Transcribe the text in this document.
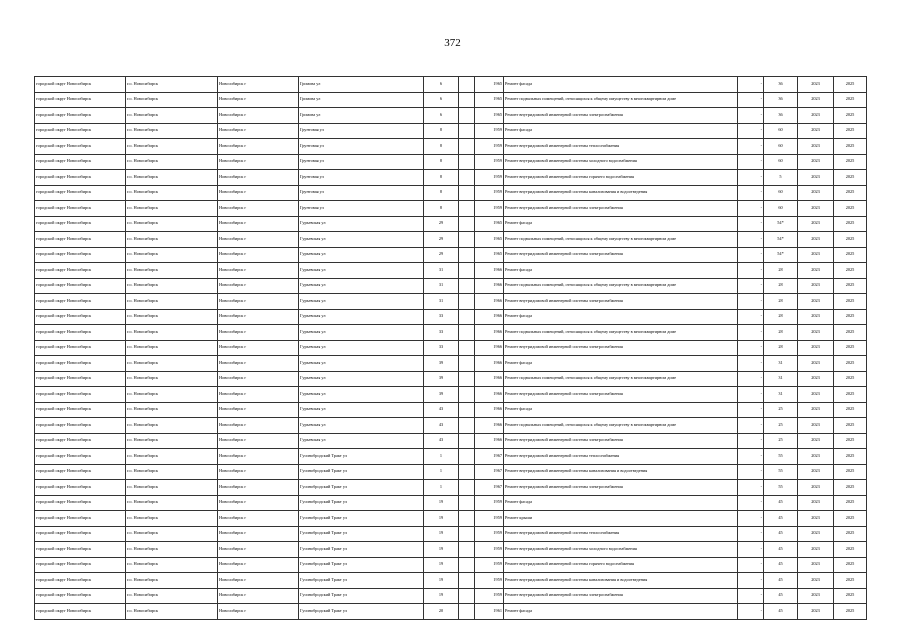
372
городской округ Новосибирск	г.о. Новосибирск	Новосибирск г	Громова ул	6		1965	Ремонт фасада	-	36	2023	2025
городской округ Новосибирск	г.о. Новосибирск	Новосибирск г	Громова ул	6		1965	Ремонт подвальных помещений, относящихся к общему имуществу в многоквартирном доме	-	36	2023	2025
городской округ Новосибирск	г.о. Новосибирск	Новосибирск г	Громова ул	6		1965	Ремонт внутридомовой инженерной системы электроснабжения	-	36	2023	2025
городской округ Новосибирск	г.о. Новосибирск	Новосибирск г	Грунтовая ул	8		1959	Ремонт фасада	-	60	2023	2025
городской округ Новосибирск	г.о. Новосибирск	Новосибирск г	Грунтовая ул	8		1959	Ремонт внутридомовой инженерной системы теплоснабжения	-	60	2023	2025
городской округ Новосибирск	г.о. Новосибирск	Новосибирск г	Грунтовая ул	8		1959	Ремонт внутридомовой инженерной системы холодного водоснабжения	-	60	2023	2025
городской округ Новосибирск	г.о. Новосибирск	Новосибирск г	Грунтовая ул	8		1959	Ремонт внутридомовой инженерной системы горячего водоснабжения	-	5	2023	2025
городской округ Новосибирск	г.о. Новосибирск	Новосибирск г	Грунтовая ул	8		1959	Ремонт внутридомовой инженерной системы канализования и водоотведения	-	60	2023	2025
городской округ Новосибирск	г.о. Новосибирск	Новосибирск г	Грунтовая ул	8		1959	Ремонт внутридомовой инженерной системы электроснабжения	-	60	2023	2025
городской округ Новосибирск	г.о. Новосибирск	Новосибирск г	Гурьевская ул	29		1965	Ремонт фасада	-	54*	2023	2025
городской округ Новосибирск	г.о. Новосибирск	Новосибирск г	Гурьевская ул	29		1965	Ремонт подвальных помещений, относящихся к общему имуществу в многоквартирном доме	-	54*	2023	2025
городской округ Новосибирск	г.о. Новосибирск	Новосибирск г	Гурьевская ул	29		1965	Ремонт внутридомовой инженерной системы электроснабжения	-	54*	2023	2025
городской округ Новосибирск	г.о. Новосибирск	Новосибирск г	Гурьевская ул	31		1966	Ремонт фасада	-	28	2023	2025
городской округ Новосибирск	г.о. Новосибирск	Новосибирск г	Гурьевская ул	31		1966	Ремонт подвальных помещений, относящихся к общему имуществу в многоквартирном доме	-	28	2023	2025
городской округ Новосибирск	г.о. Новосибирск	Новосибирск г	Гурьевская ул	31		1966	Ремонт внутридомовой инженерной системы электроснабжения	-	28	2023	2025
городской округ Новосибирск	г.о. Новосибирск	Новосибирск г	Гурьевская ул	33		1966	Ремонт фасада	-	28	2023	2025
городской округ Новосибирск	г.о. Новосибирск	Новосибирск г	Гурьевская ул	33		1966	Ремонт подвальных помещений, относящихся к общему имуществу в многоквартирном доме	-	28	2023	2025
городской округ Новосибирск	г.о. Новосибирск	Новосибирск г	Гурьевская ул	33		1966	Ремонт внутридомовой инженерной системы электроснабжения	-	28	2023	2025
городской округ Новосибирск	г.о. Новосибирск	Новосибирск г	Гурьевская ул	39		1966	Ремонт фасада	-	31	2023	2025
городской округ Новосибирск	г.о. Новосибирск	Новосибирск г	Гурьевская ул	39		1966	Ремонт подвальных помещений, относящихся к общему имуществу в многоквартирном доме	-	31	2023	2025
городской округ Новосибирск	г.о. Новосибирск	Новосибирск г	Гурьевская ул	39		1966	Ремонт внутридомовой инженерной системы электроснабжения	-	31	2023	2025
городской округ Новосибирск	г.о. Новосибирск	Новосибирск г	Гурьевская ул	43		1966	Ремонт фасада	-	25	2023	2025
городской округ Новосибирск	г.о. Новосибирск	Новосибирск г	Гурьевская ул	43		1966	Ремонт подвальных помещений, относящихся к общему имуществу в многоквартирном доме	-	25	2023	2025
городской округ Новосибирск	г.о. Новосибирск	Новосибирск г	Гурьевская ул	43		1966	Ремонт внутридомовой инженерной системы электроснабжения	-	25	2023	2025
городской округ Новосибирск	г.о. Новосибирск	Новосибирск г	Гусинобродский Тракт ул	1		1967	Ремонт внутридомовой инженерной системы теплоснабжения	-	55	2023	2025
городской округ Новосибирск	г.о. Новосибирск	Новосибирск г	Гусинобродский Тракт ул	1		1967	Ремонт внутридомовой инженерной системы канализования и водоотведения	-	55	2023	2025
городской округ Новосибирск	г.о. Новосибирск	Новосибирск г	Гусинобродский Тракт ул	1		1967	Ремонт внутридомовой инженерной системы электроснабжения	-	55	2023	2025
городской округ Новосибирск	г.о. Новосибирск	Новосибирск г	Гусинобродский Тракт ул	19		1959	Ремонт фасада	-	45	2023	2025
городской округ Новосибирск	г.о. Новосибирск	Новосибирск г	Гусинобродский Тракт ул	19		1959	Ремонт крыши	-	45	2023	2025
городской округ Новосибирск	г.о. Новосибирск	Новосибирск г	Гусинобродский Тракт ул	19		1959	Ремонт внутридомовой инженерной системы теплоснабжения	-	45	2023	2025
городской округ Новосибирск	г.о. Новосибирск	Новосибирск г	Гусинобродский Тракт ул	19		1959	Ремонт внутридомовой инженерной системы холодного водоснабжения	-	45	2023	2025
городской округ Новосибирск	г.о. Новосибирск	Новосибирск г	Гусинобродский Тракт ул	19		1959	Ремонт внутридомовой инженерной системы горячего водоснабжения	-	45	2023	2025
городской округ Новосибирск	г.о. Новосибирск	Новосибирск г	Гусинобродский Тракт ул	19		1959	Ремонт внутридомовой инженерной системы канализования и водоотведения	-	45	2023	2025
городской округ Новосибирск	г.о. Новосибирск	Новосибирск г	Гусинобродский Тракт ул	19		1959	Ремонт внутридомовой инженерной системы электроснабжения	-	45	2023	2025
городской округ Новосибирск	г.о. Новосибирск	Новосибирск г	Гусинобродский Тракт ул	20		1961	Ремонт фасада	-	45	2023	2025
